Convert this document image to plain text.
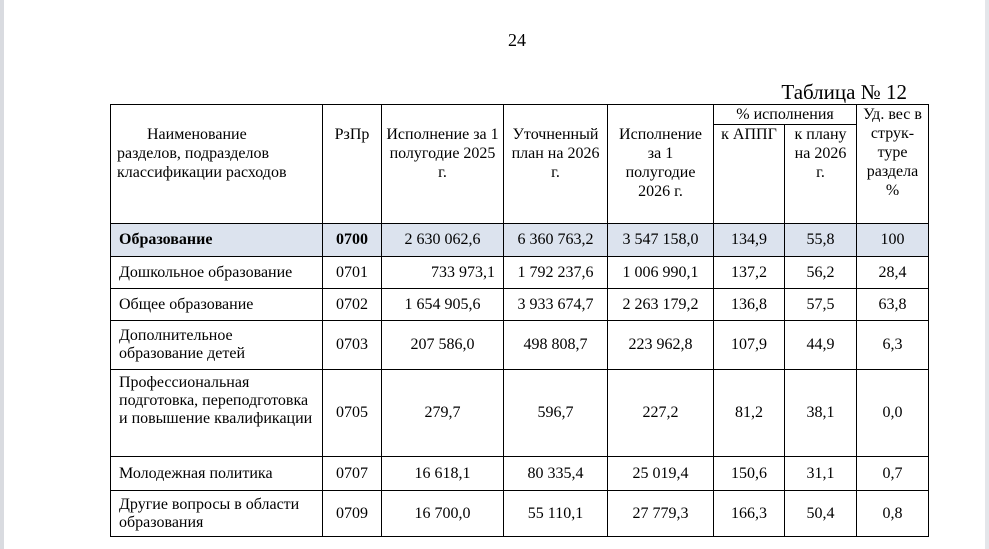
24
Таблица № 12
Наименование
разделов, подразделов
классификации расходов	РзПр	Исполнение за 1 полугодие 2025 г.	Уточненный план на 2026 г.	Исполнение за 1 полугодие 2026 г.	% исполнения		Уд. вес в струк-туре раздела %
					к АППГ	к плану на 2026 г.	
Образование	0700	2 630 062,6	6 360 763,2	3 547 158,0	134,9	55,8	100
Дошкольное образование	0701	733 973,1	1 792 237,6	1 006 990,1	137,2	56,2	28,4
Общее образование	0702	1 654 905,6	3 933 674,7	2 263 179,2	136,8	57,5	63,8
Дополнительное образование детей	0703	207 586,0	498 808,7	223 962,8	107,9	44,9	6,3
Профессиональная подготовка, переподготовка и повышение квалификации	0705	279,7	596,7	227,2	81,2	38,1	0,0
Молодежная политика	0707	16 618,1	80 335,4	25 019,4	150,6	31,1	0,7
Другие вопросы в области образования	0709	16 700,0	55 110,1	27 779,3	166,3	50,4	0,8
